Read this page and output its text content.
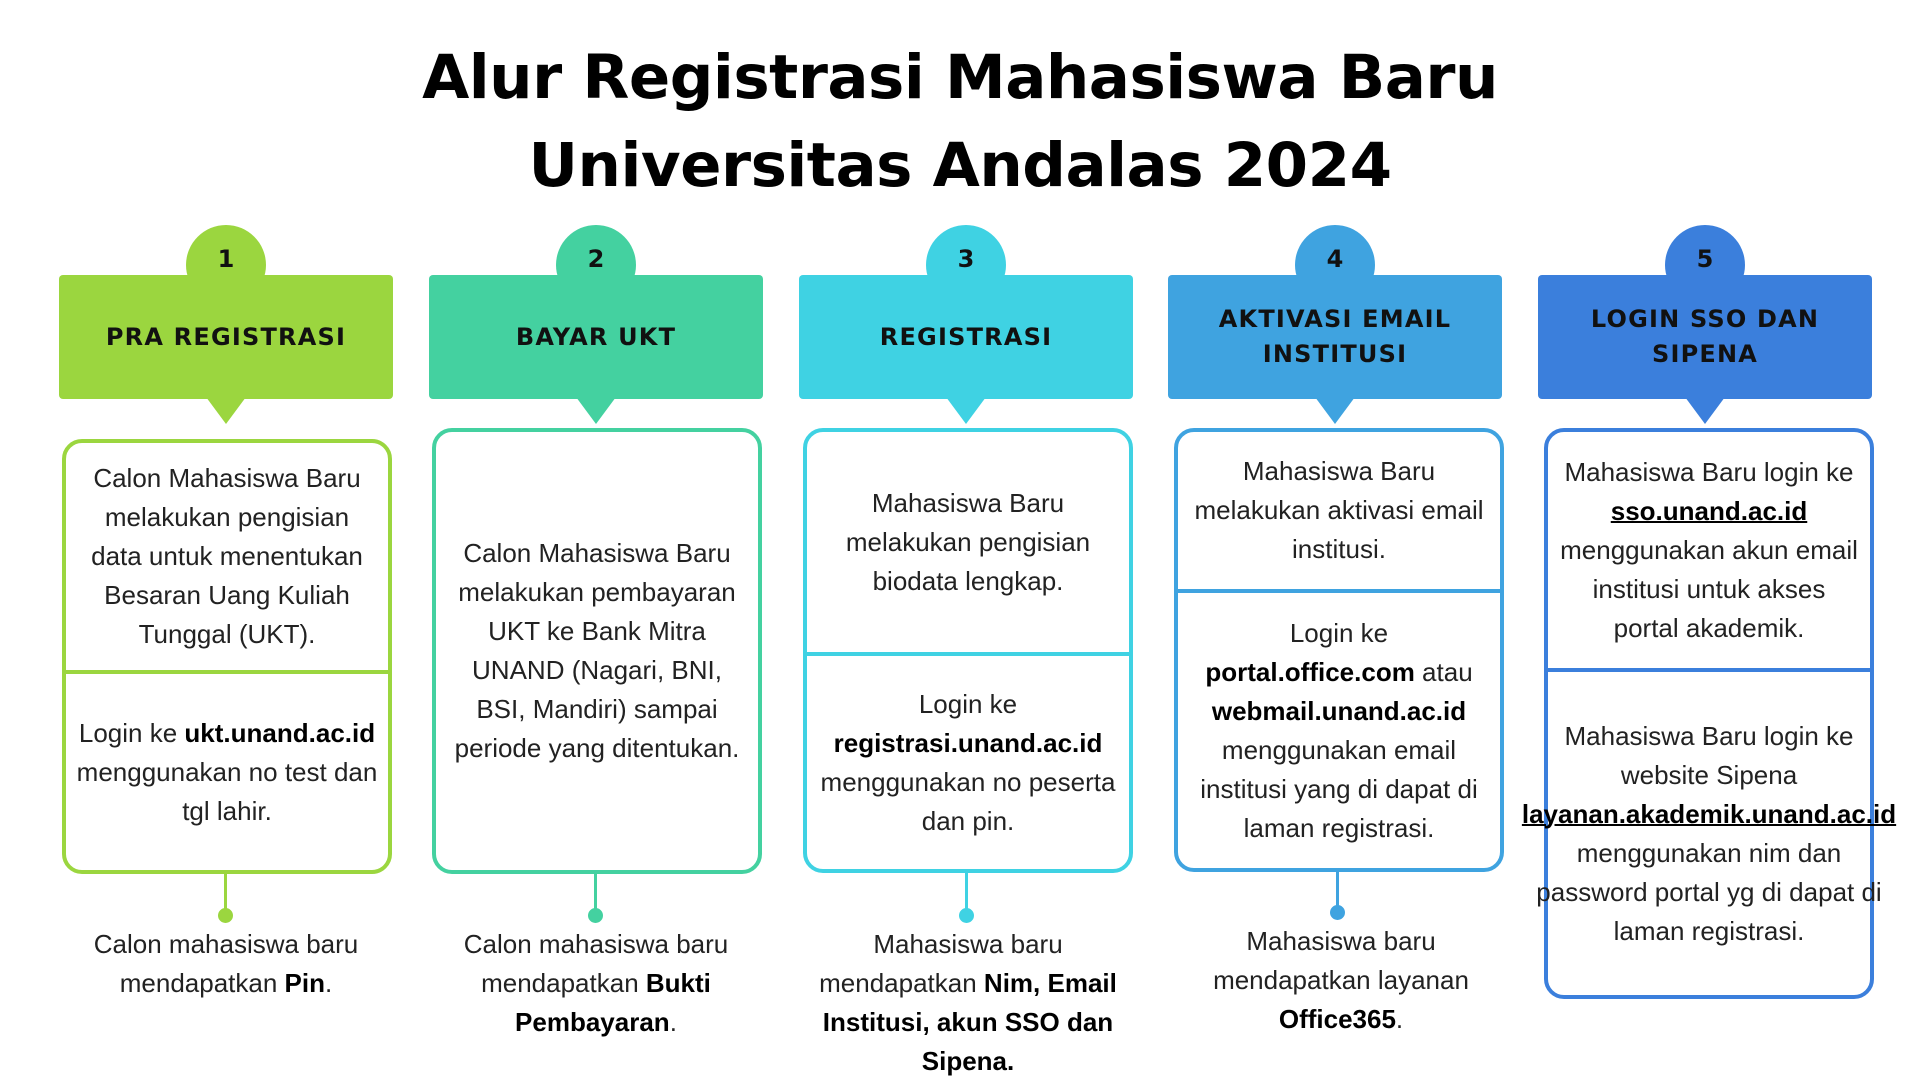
Alur Registrasi Mahasiswa Baru
Universitas Andalas 2024
1
PRA REGISTRASI
Calon Mahasiswa Baru melakukan pengisian data untuk menentukan Besaran Uang Kuliah Tunggal (UKT).
Login ke ukt.unand.ac.id menggunakan no test dan tgl lahir.
Calon mahasiswa baru mendapatkan Pin.
2
BAYAR UKT
Calon Mahasiswa Baru melakukan pembayaran UKT ke Bank Mitra UNAND (Nagari, BNI, BSI, Mandiri) sampai periode yang ditentukan.
Calon mahasiswa baru mendapatkan Bukti Pembayaran.
3
REGISTRASI
Mahasiswa Baru melakukan pengisian biodata lengkap.
Login ke registrasi.unand.ac.id menggunakan no peserta dan pin.
Mahasiswa baru mendapatkan Nim, Email Institusi, akun SSO dan Sipena.
4
AKTIVASI EMAIL INSTITUSI
Mahasiswa Baru melakukan aktivasi email institusi.
Login ke portal.office.com atau webmail.unand.ac.id menggunakan email institusi yang di dapat di laman registrasi.
Mahasiswa baru mendapatkan layanan Office365.
5
LOGIN SSO DAN SIPENA
Mahasiswa Baru login ke sso.unand.ac.id menggunakan akun email institusi untuk akses portal akademik.
Mahasiswa Baru login ke website Sipena layanan.akademik.unand.ac.id menggunakan nim dan password portal yg di dapat di laman registrasi.
